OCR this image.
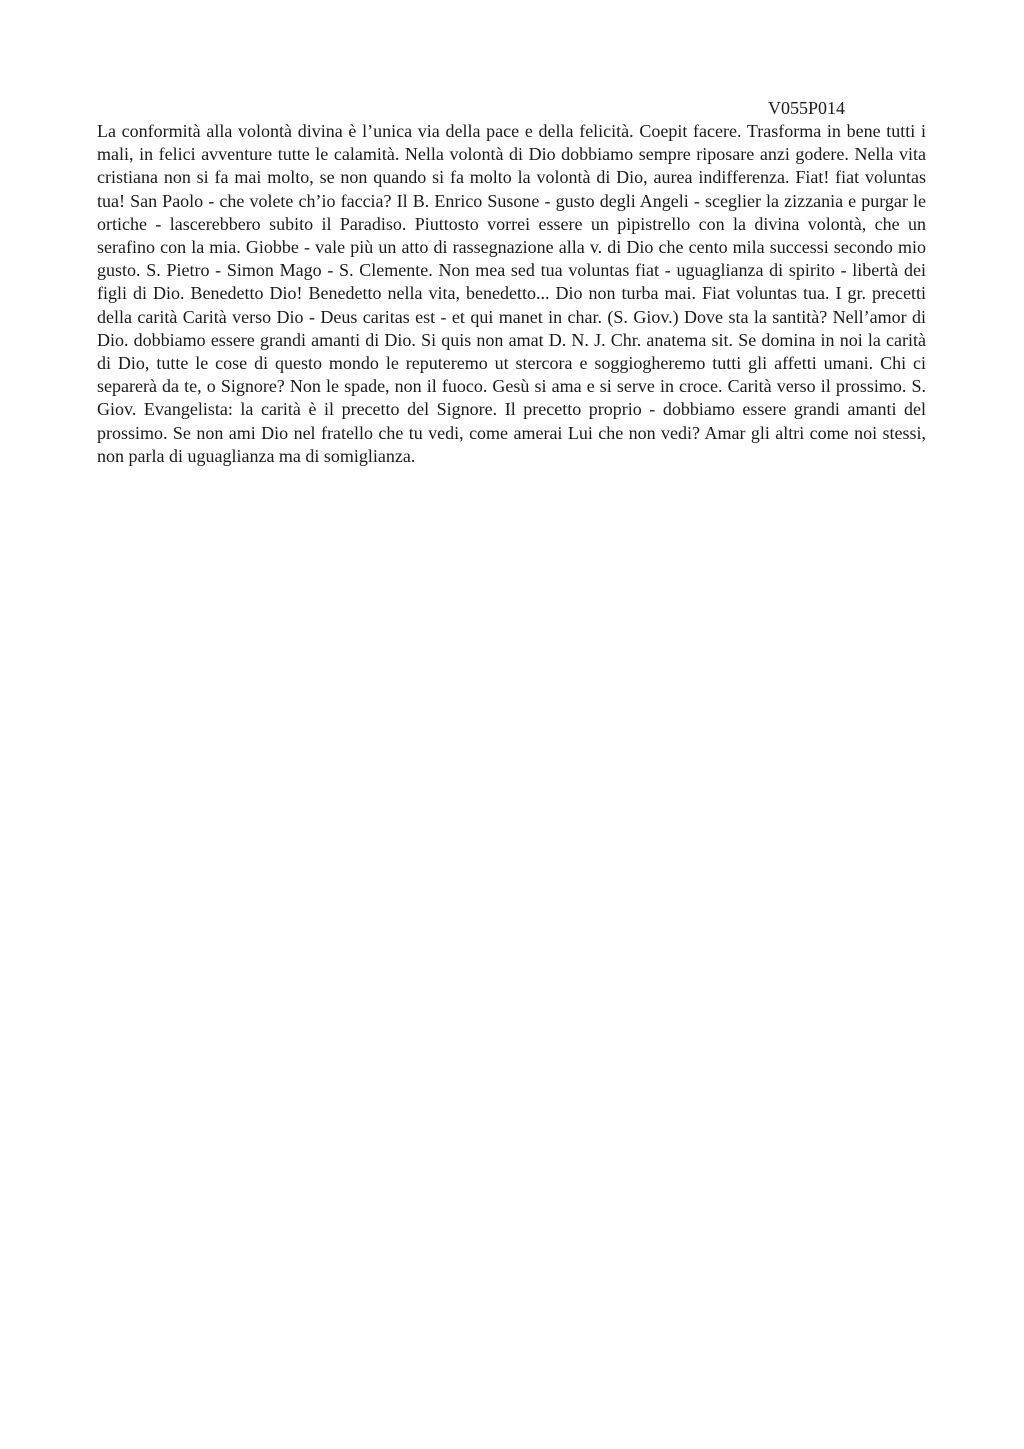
V055P014

La conformità alla volontà divina è l’unica via della pace e della felicità. Coepit facere. Trasforma in bene tutti i mali, in felici avventure tutte le calamità. Nella volontà di Dio dobbiamo sempre riposare anzi godere. Nella vita cristiana non si fa mai molto, se non quando si fa molto la volontà di Dio, aurea indifferenza. Fiat! fiat voluntas tua! San Paolo - che volete ch’io faccia? Il B. Enrico Susone - gusto degli Angeli - sceglier la zizzania e purgar le ortiche - lascerebbero subito il Paradiso. Piuttosto vorrei essere un pipistrello con la divina volontà, che un serafino con la mia. Giobbe - vale più un atto di rassegnazione alla v. di Dio che cento mila successi secondo mio gusto. S. Pietro - Simon Mago - S. Clemente. Non mea sed tua voluntas fiat - uguaglianza di spirito - libertà dei figli di Dio. Benedetto Dio! Benedetto nella vita, benedetto... Dio non turba mai. Fiat voluntas tua. I gr. precetti della carità Carità verso Dio - Deus caritas est - et qui manet in char. (S. Giov.) Dove sta la santità? Nell’amor di Dio. dobbiamo essere grandi amanti di Dio. Si quis non amat D. N. J. Chr. anatema sit. Se domina in noi la carità di Dio, tutte le cose di questo mondo le reputeremo ut stercora e soggiogheremo tutti gli affetti umani. Chi ci separerà da te, o Signore? Non le spade, non il fuoco. Gesù si ama e si serve in croce. Carità verso il prossimo. S. Giov. Evangelista: la carità è il precetto del Signore. Il precetto proprio - dobbiamo essere grandi amanti del prossimo. Se non ami Dio nel fratello che tu vedi, come amerai Lui che non vedi? Amar gli altri come noi stessi, non parla di uguaglianza ma di somiglianza.
